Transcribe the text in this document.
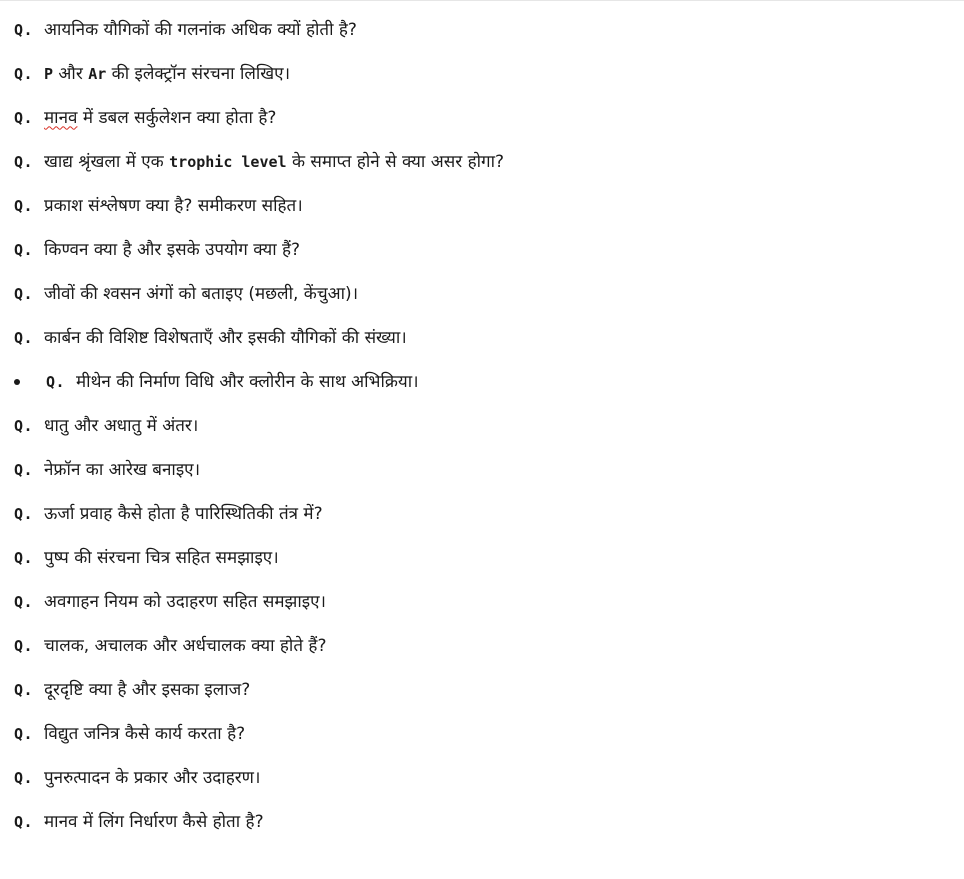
Q. आयनिक यौगिकों की गलनांक अधिक क्यों होती है?
Q. P और Ar की इलेक्ट्रॉन संरचना लिखिए।
Q. मानव में डबल सर्कुलेशन क्या होता है?
Q. खाद्य श्रृंखला में एक trophic level के समाप्त होने से क्या असर होगा?
Q. प्रकाश संश्लेषण क्या है? समीकरण सहित।
Q. किण्वन क्या है और इसके उपयोग क्या हैं?
Q. जीवों की श्वसन अंगों को बताइए (मछली, केंचुआ)।
Q. कार्बन की विशिष्ट विशेषताएँ और इसकी यौगिकों की संख्या।
Q. मीथेन की निर्माण विधि और क्लोरीन के साथ अभिक्रिया।
Q. धातु और अधातु में अंतर।
Q. नेफ्रॉन का आरेख बनाइए।
Q. ऊर्जा प्रवाह कैसे होता है पारिस्थितिकी तंत्र में?
Q. पुष्प की संरचना चित्र सहित समझाइए।
Q. अवगाहन नियम को उदाहरण सहित समझाइए।
Q. चालक, अचालक और अर्धचालक क्या होते हैं?
Q. दूरदृष्टि क्या है और इसका इलाज?
Q. विद्युत जनित्र कैसे कार्य करता है?
Q. पुनरुत्पादन के प्रकार और उदाहरण।
Q. मानव में लिंग निर्धारण कैसे होता है?
